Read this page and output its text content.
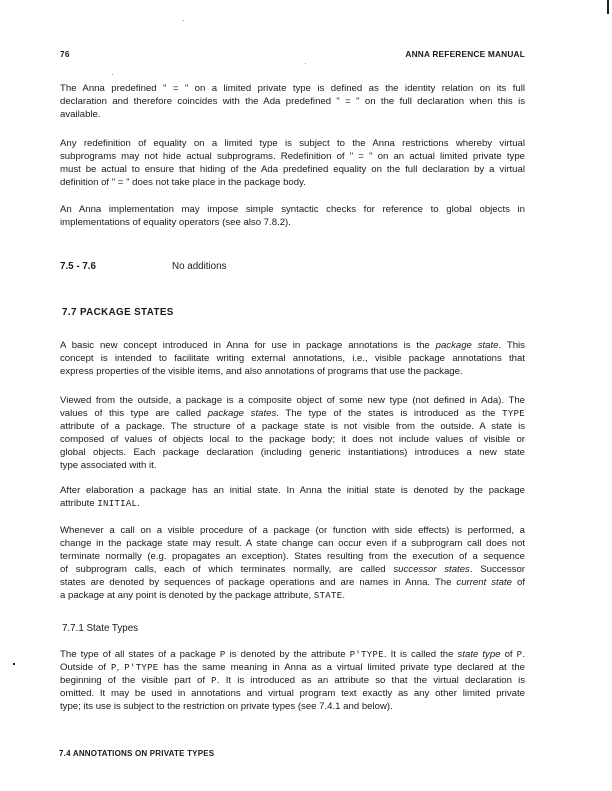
76	ANNA REFERENCE MANUAL
The Anna predefined " = " on a limited private type is defined as the identity relation on its full
declaration and therefore coincides with the Ada predefined " = " on the full declaration when this is
available.
Any redefinition of equality on a limited type is subject to the Anna restrictions whereby virtual
subprograms may not hide actual subprograms. Redefinition of " = " on an actual limited private type
must be actual to ensure that hiding of the Ada predefined equality on the full declaration by a virtual
definition of " = " does not take place in the package body.
An Anna implementation may impose simple syntactic checks for reference to global objects in
implementations of equality operators (see also 7.8.2).
7.5 - 7.6	No additions
7.7 PACKAGE STATES
A basic new concept introduced in Anna for use in package annotations is the package state. This
concept is intended to facilitate writing external annotations, i.e., visible package annotations that
express properties of the visible items, and also annotations of programs that use the package.
Viewed from the outside, a package is a composite object of some new type (not defined in Ada). The
values of this type are called package states. The type of the states is introduced as the TYPE
attribute of a package. The structure of a package state is not visible from the outside. A state is
composed of values of objects local to the package body; it does not include values of visible or
global objects. Each package declaration (including generic instantiations) introduces a new state
type associated with it.
After elaboration a package has an initial state. In Anna the initial state is denoted by the package
attribute INITIAL.
Whenever a call on a visible procedure of a package (or function with side effects) is performed, a
change in the package state may result. A state change can occur even if a subprogram call does not
terminate normally (e.g. propagates an exception). States resulting from the execution of a sequence
of subprogram calls, each of which terminates normally, are called successor states. Successor
states are denoted by sequences of package operations and are names in Anna. The current state of
a package at any point is denoted by the package attribute, STATE.
7.7.1 State Types
The type of all states of a package P is denoted by the attribute P'TYPE. It is called the state type of P.
Outside of P, P'TYPE has the same meaning in Anna as a virtual limited private type declared at the
beginning of the visible part of P. It is introduced as an attribute so that the virtual declaration is
omitted. It may be used in annotations and virtual program text exactly as any other limited private
type; its use is subject to the restriction on private types (see 7.4.1 and below).
7.4 ANNOTATIONS ON PRIVATE TYPES
